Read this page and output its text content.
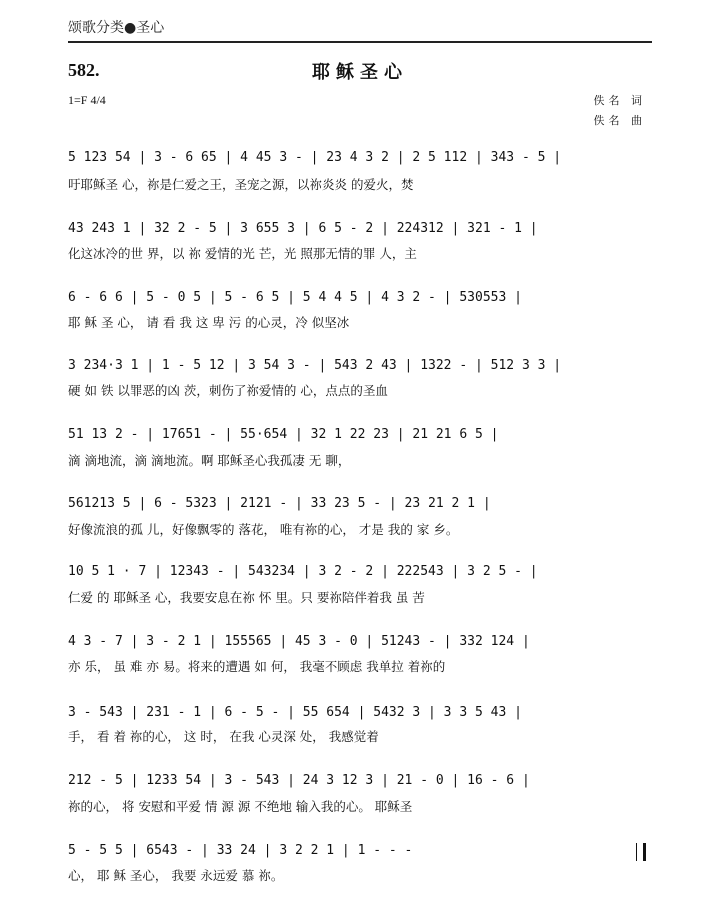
颂歌分类●圣心
582.	耶稣圣心
1=F 4/4	佚名 词
佚名 曲
5 123 54 | 3 - 6 65 | 4 45 3 - | 23 4 3 2 | 2 5 112 | 343 - 5 |
吁耶稣圣 心，祢是仁爱之王，圣宠之源，以祢炎炎 的爱火，焚
43 243 1 | 32 2 - 5 | 3 655 3 | 6 5 - 2 | 224312 | 321 - 1 |
化这冰冷的世 界，以 祢 爱情的光 芒，光 照那无情的罪 人，主
6 - 6 6 | 5 - 0 5 | 5 - 6 5 | 5 4 4 5 | 4 3 2 - | 530553 |
耶 稣 圣 心， 请 看 我 这 卑 污 的心灵，冷 似坚冰
3 234·3 1 | 1 - 5 12 | 3 54 3 - | 543 2 43 | 1322 - | 512 3 3 |
硬 如 铁 以罪恶的凶 茨，刺伤了祢爱情的 心，点点的圣血
51 13 2 - | 17651 - | 55·654 | 32 1 22 23 | 21 21 6 5 |
滴 滴地流，滴 滴地流。啊 耶稣圣心我孤凄 无 聊，
561213 5 | 6 - 5323 | 2121 - | 33 23 5 - | 23 21 2 1 |
好像流浪的孤 儿，好像飘零的 落花， 唯有祢的心， 才是 我的 家 乡。
10 5 1 · 7 | 12343 - | 543234 | 3 2 - 2 | 222543 | 3 2 5 - |
仁爱 的 耶稣圣 心，我要安息在祢 怀 里。只 要祢陪伴着我 虽 苦
4 3 - 7 | 3 - 2 1 | 155565 | 45 3 - 0 | 51243 - | 332 124 |
亦 乐， 虽 难 亦 易。将来的遭遇 如 何， 我毫不顾虑 我单拉 着祢的
3 - 543 | 231 - 1 | 6 - 5 - | 55 654 | 5432 3 | 3 3 5 43 |
手， 看 着 祢的心， 这 时， 在我 心灵深 处， 我感觉着
212 - 5 | 1233 54 | 3 - 543 | 24 3 12 3 | 21 - 0 | 16 - 6 |
祢的心， 将 安慰和平爱 情 源 源 不绝地 输入我的心。 耶稣圣
5 - 5 5 | 6543 - | 33 24 | 3 2 2 1 | 1 - - -
心， 耶 稣 圣心， 我要 永远爱 慕 祢。
